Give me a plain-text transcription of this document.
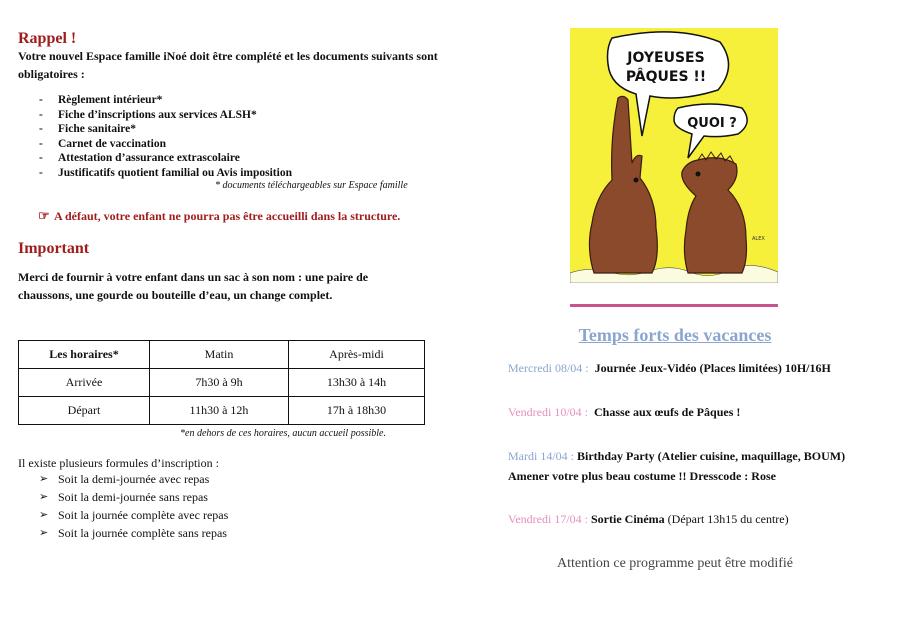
Rappel !
Votre nouvel Espace famille iNoé doit être complété et les documents suivants sont obligatoires :
- Règlement intérieur*
- Fiche d’inscriptions aux services ALSH*
- Fiche sanitaire*
- Carnet de vaccination
- Attestation d’assurance extrascolaire
- Justificatifs quotient familial ou Avis imposition
* documents téléchargeables sur Espace famille
☞ A défaut, votre enfant ne pourra pas être accueilli dans la structure.
Important
Merci de fournir à votre enfant dans un sac à son nom : une paire de chaussons, une gourde ou bouteille d’eau, un change complet.
Les horaires*	Matin	Après-midi
Arrivée	7h30 à 9h	13h30 à 14h
Départ	11h30 à 12h	17h à 18h30
*en dehors de ces horaires, aucun accueil possible.
Il existe plusieurs formules d’inscription :
➢ Soit la demi-journée avec repas
➢ Soit la demi-journée sans repas
➢ Soit la journée complète avec repas
➢ Soit la journée complète sans repas
JOYEUSES
PÂQUES !!
QUOI ?
ALEX
Temps forts des vacances
Mercredi 08/04 : Journée Jeux-Vidéo (Places limitées) 10H/16H
Vendredi 10/04 : Chasse aux œufs de Pâques !
Mardi 14/04 : Birthday Party (Atelier cuisine, maquillage, BOUM) Amener votre plus beau costume !! Dresscode : Rose
Vendredi 17/04 : Sortie Cinéma (Départ 13h15 du centre)
Attention ce programme peut être modifié
